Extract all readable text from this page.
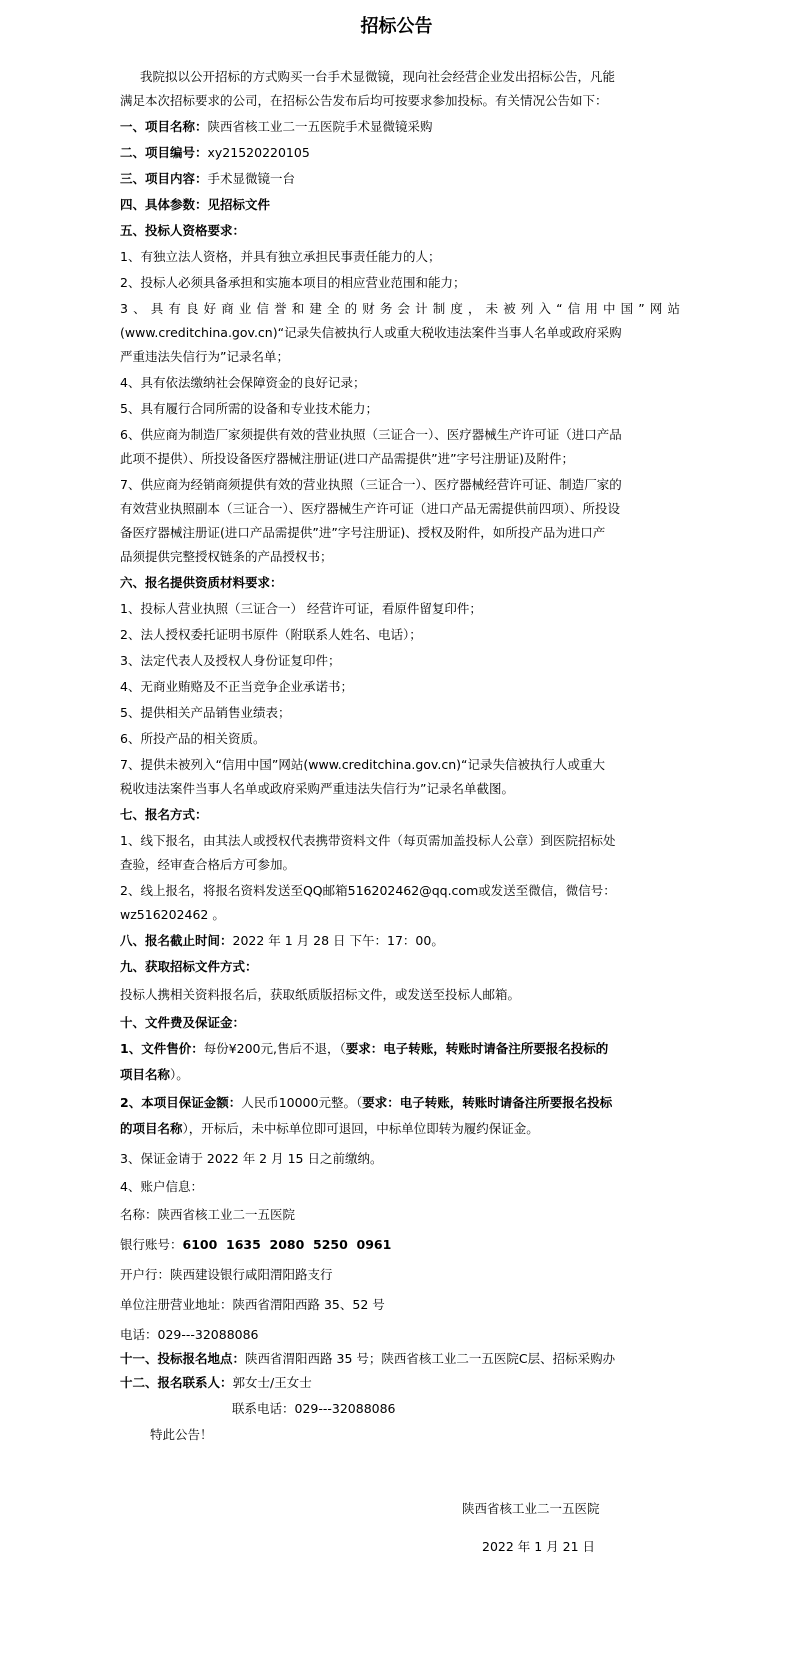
招标公告
我院拟以公开招标的方式购买一台手术显微镜，现向社会经营企业发出招标公告，凡能
满足本次招标要求的公司，在招标公告发布后均可按要求参加投标。有关情况公告如下：
一、项目名称：陕西省核工业二一五医院手术显微镜采购
二、项目编号：xy21520220105
三、项目内容：手术显微镜一台
四、具体参数：见招标文件
五、投标人资格要求：
1、有独立法人资格，并具有独立承担民事责任能力的人；
2、投标人必须具备承担和实施本项目的相应营业范围和能力；
3、具有良好商业信誉和建全的财务会计制度，未被列入“信用中国”网站
(www.creditchina.gov.cn)“记录失信被执行人或重大税收违法案件当事人名单或政府采购
严重违法失信行为”记录名单；
4、具有依法缴纳社会保障资金的良好记录；
5、具有履行合同所需的设备和专业技术能力；
6、供应商为制造厂家须提供有效的营业执照（三证合一）、医疗器械生产许可证（进口产品
此项不提供）、所投设备医疗器械注册证(进口产品需提供”进”字号注册证)及附件；
7、供应商为经销商须提供有效的营业执照（三证合一）、医疗器械经营许可证、制造厂家的
有效营业执照副本（三证合一）、医疗器械生产许可证（进口产品无需提供前四项）、所投设
备医疗器械注册证(进口产品需提供”进”字号注册证)、授权及附件，如所投产品为进口产
品须提供完整授权链条的产品授权书；
六、报名提供资质材料要求：
1、投标人营业执照（三证合一） 经营许可证，看原件留复印件；
2、法人授权委托证明书原件（附联系人姓名、电话）；
3、法定代表人及授权人身份证复印件；
4、无商业贿赂及不正当竞争企业承诺书；
5、提供相关产品销售业绩表；
6、所投产品的相关资质。
7、提供未被列入“信用中国”网站(www.creditchina.gov.cn)“记录失信被执行人或重大
税收违法案件当事人名单或政府采购严重违法失信行为”记录名单截图。
七、报名方式：
1、线下报名，由其法人或授权代表携带资料文件（每页需加盖投标人公章）到医院招标处
查验，经审查合格后方可参加。
2、线上报名，将报名资料发送至QQ邮箱516202462@qq.com或发送至微信，微信号：
wz516202462 。
八、报名截止时间：2022 年 1 月 28 日 下午：17：00。
九、获取招标文件方式：
投标人携相关资料报名后，获取纸质版招标文件，或发送至投标人邮箱。
十、文件费及保证金：
1、文件售价：每份¥200元,售后不退，（要求：电子转账，转账时请备注所要报名投标的
项目名称）。
2、本项目保证金额：人民币10000元整。（要求：电子转账，转账时请备注所要报名投标
的项目名称），开标后，未中标单位即可退回，中标单位即转为履约保证金。
3、保证金请于 2022 年 2 月 15 日之前缴纳。
4、账户信息：
名称：陕西省核工业二一五医院
银行账号：6100  1635  2080  5250  0961
开户行：陕西建设银行咸阳渭阳路支行
单位注册营业地址：陕西省渭阳西路 35、52 号
电话：029---32088086
十一、投标报名地点：陕西省渭阳西路 35 号；陕西省核工业二一五医院C层、招标采购办
十二、报名联系人：郭女士/王女士
联系电话：029---32088086
特此公告！
陕西省核工业二一五医院
2022 年 1 月 21 日
